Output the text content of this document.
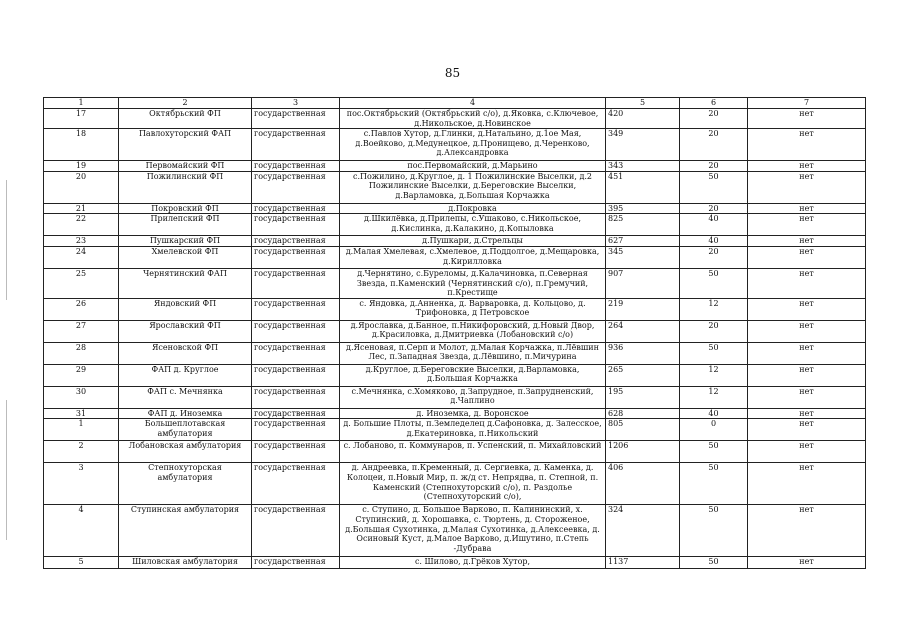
85
1	2	3	4	5	6	7
17	Октябрьский ФП	государственная	пос.Октябрьский (Октябрьский с/о), д.Яковка, с.Ключевое, д.Никольское, д.Новинское	420	20	нет
18	Павлохуторский ФАП	государственная	с.Павлов Хутор, д.Глинки, д.Натальино, д.1ое Мая, д.Воейково, д.Медунецкое, д.Пронищево, д.Черенково, д.Александровка	349	20	нет
19	Первомайский ФП	государственная	пос.Первомайский, д.Марьино	343	20	нет
20	Пожилинский ФП	государственная	с.Пожилино, д.Круглое, д. 1 Пожилинские Выселки, д.2 Пожилинские Выселки, д.Береговские Выселки, д.Варламовка, д.Большая Корчажка	451	50	нет
21	Покровский ФП	государственная	д.Покровка	395	20	нет
22	Прилепский ФП	государственная	д.Шкилёвка, д.Прилепы, с.Ушаково, с.Никольское, д.Кислинка, д.Калакино, д.Копыловка	825	40	нет
23	Пушкарский ФП	государственная	д.Пушкари, д.Стрельцы	627	40	нет
24	Хмелевской ФП	государственная	д.Малая Хмелевая, с.Хмелевое, д.Поддолгое, д.Мещаровка, д.Кирилловка	345	20	нет
25	Чернятинский ФАП	государственная	д.Чернятино, с.Буреломы, д.Калачиновка, п.Северная Звезда, п.Каменский (Чернятинский с/о), п.Гремучий, п.Крестище	907	50	нет
26	Яндовский ФП	государственная	с. Яндовка, д.Анненка, д. Варваровка, д. Кольцово, д. Трифоновка, д Петровское	219	12	нет
27	Ярославский ФП	государственная	д.Ярославка, д.Банное, п.Никифоровский, д.Новый Двор, д.Красиловка, д.Дмитриевка (Лобановский с/о)	264	20	нет
28	Ясеновской ФП	государственная	д.Ясеновая, п.Серп и Молот, д.Малая Корчажка, п.Лёвшин Лес, п.Западная Звезда, д.Лёвшино, п.Мичурина	936	50	нет
29	ФАП д. Круглое	государственная	д.Круглое, д.Береговские Выселки, д.Варламовка, д.Большая Корчажка	265	12	нет
30	ФАП с. Мечнянка	государственная	с.Мечнянка, с.Хомяково, д.Запрудное, п.Запрудненский, д.Чаплино	195	12	нет
31	ФАП д. Иноземка	государственная	д. Иноземка, д. Воронское	628	40	нет
1	Большеплотавская амбулатория	государственная	д. Большие Плоты, п.Земледелец д.Сафоновка, д. Залесское, д.Екатериновка, п.Никольский	805	0	нет
2	Лобановская амбулатория	государственная	с. Лобаново, п. Коммунаров, п. Успенский, п. Михайловский	1206	50	нет
3	Степнохуторская амбулатория	государственная	д. Андреевка, п.Кременный, д. Сергиевка, д. Каменка, д. Колоцеи, п.Новый Мир, п. ж/д ст. Непрядва, п. Степной, п. Каменский (Степнохуторский с/о), п. Раздолье (Степнохуторский с/о),	406	50	нет
4	Ступинская амбулатория	государственная	с. Ступино, д. Большое Варково, п. Калининский, х. Ступинский, д. Хорошавка, с. Тюртень, д. Стороженое, д.Большая Сухотинка, д.Малая Сухотинка, д.Алексеевка, д. Осиновый Куст, д.Малое Варково, д.Ишутино, п.Степь -Дубрава	324	50	нет
5	Шиловская амбулатория	государственная	с. Шилово, д.Грёков Хутор,	1137	50	нет
